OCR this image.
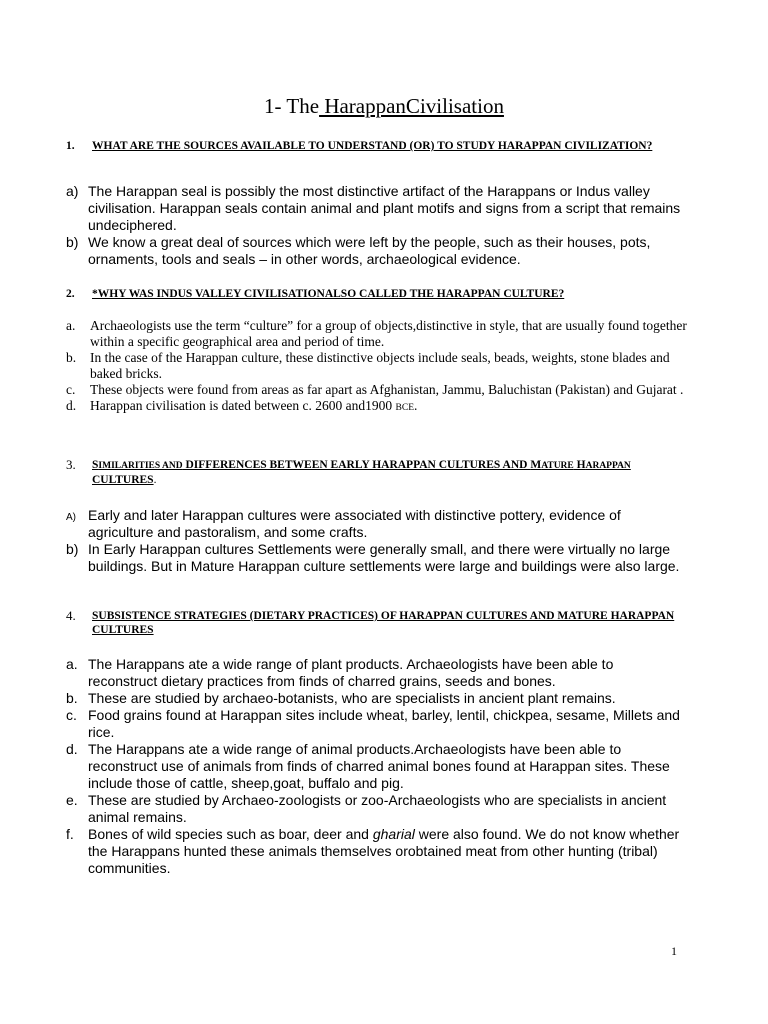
1- The HarappanCivilisation
1. WHAT ARE THE SOURCES AVAILABLE TO UNDERSTAND (OR) TO STUDY HARAPPAN CIVILIZATION?
a) The Harappan seal is possibly the most distinctive artifact of the Harappans or Indus valley civilisation. Harappan seals contain animal and plant motifs and signs from a script that remains undeciphered.
b) We know a great deal of sources which were left by the people, such as their houses, pots, ornaments, tools and seals – in other words, archaeological evidence.
2. *WHY WAS INDUS VALLEY CIVILISATIONALSO CALLED THE HARAPPAN CULTURE?
a. Archaeologists use the term “culture” for a group of objects,distinctive in style, that are usually found together within a specific geographical area and period of time.
b. In the case of the Harappan culture, these distinctive objects include seals, beads, weights, stone blades and baked bricks.
c. These objects were found from areas as far apart as Afghanistan, Jammu, Baluchistan (Pakistan) and Gujarat .
d. Harappan civilisation is dated between c. 2600 and1900 BCE.
3. SIMILARITIES AND DIFFERENCES BETWEEN EARLY HARAPPAN CULTURES AND MATURE HARAPPAN
CULTURES.
A) Early and later Harappan cultures were associated with distinctive pottery, evidence of agriculture and pastoralism, and some crafts.
b) In Early Harappan cultures Settlements were generally small, and there were virtually no large buildings. But in Mature Harappan culture settlements were large and buildings were also large.
4. SUBSISTENCE STRATEGIES (DIETARY PRACTICES) OF HARAPPAN CULTURES AND MATURE HARAPPAN CULTURES
a. The Harappans ate a wide range of plant products. Archaeologists have been able to reconstruct dietary practices from finds of charred grains, seeds and bones.
b. These are studied by archaeo-botanists, who are specialists in ancient plant remains.
c. Food grains found at Harappan sites include wheat, barley, lentil, chickpea, sesame, Millets and rice.
d. The Harappans ate a wide range of animal products.Archaeologists have been able to reconstruct use of animals from finds of charred animal bones found at Harappan sites. These include those of cattle, sheep,goat, buffalo and pig.
e. These are studied by Archaeo-zoologists or zoo-Archaeologists who are specialists in ancient animal remains.
f. Bones of wild species such as boar, deer and gharial were also found. We do not know whether the Harappans hunted these animals themselves orobtained meat from other hunting (tribal) communities.
1
